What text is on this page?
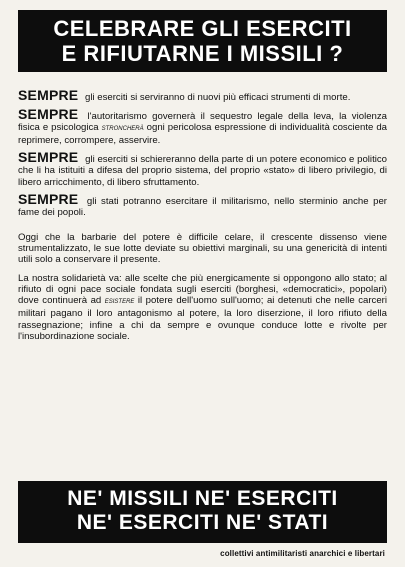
CELEBRARE GLI ESERCITI
E RIFIUTARNE I MISSILI ?

SEMPRE gli eserciti si serviranno di nuovi più efficaci strumenti di morte.

SEMPRE l'autoritarismo governerà il sequestro legale della leva, la violenza fisica e psicologica STRONCHERÀ ogni pericolosa espressione di individualità cosciente da reprimere, corrompere, asservire.

SEMPRE gli eserciti si schiereranno della parte di un potere economico e politico che li ha istituiti a difesa del proprio sistema, del proprio «stato» di libero privilegio, di libero arricchimento, di libero sfruttamento.

SEMPRE gli stati potranno esercitare il militarismo, nello sterminio anche per fame dei popoli.

Oggi che la barbarie del potere è difficile celare, il crescente dissenso viene strumentalizzato, le sue lotte deviate su obiettivi marginali, su una genericità di intenti utili solo a conservare il presente.

La nostra solidarietà va: alle scelte che più energicamente si oppongono allo stato; al rifiuto di ogni pace sociale fondata sugli eserciti (borghesi, «democratici», popolari) dove continuerà ad ESISTERE il potere dell'uomo sull'uomo; ai detenuti che nelle carceri militari pagano il loro antagonismo al potere, la loro diserzione, il loro rifiuto della rassegnazione; infine a chi da sempre e ovunque conduce lotte e rivolte per l'insubordinazione sociale.

NE' MISSILI NE' ESERCITI
NE' ESERCITI NE' STATI
collettivi antimilitaristi anarchici e libertari
